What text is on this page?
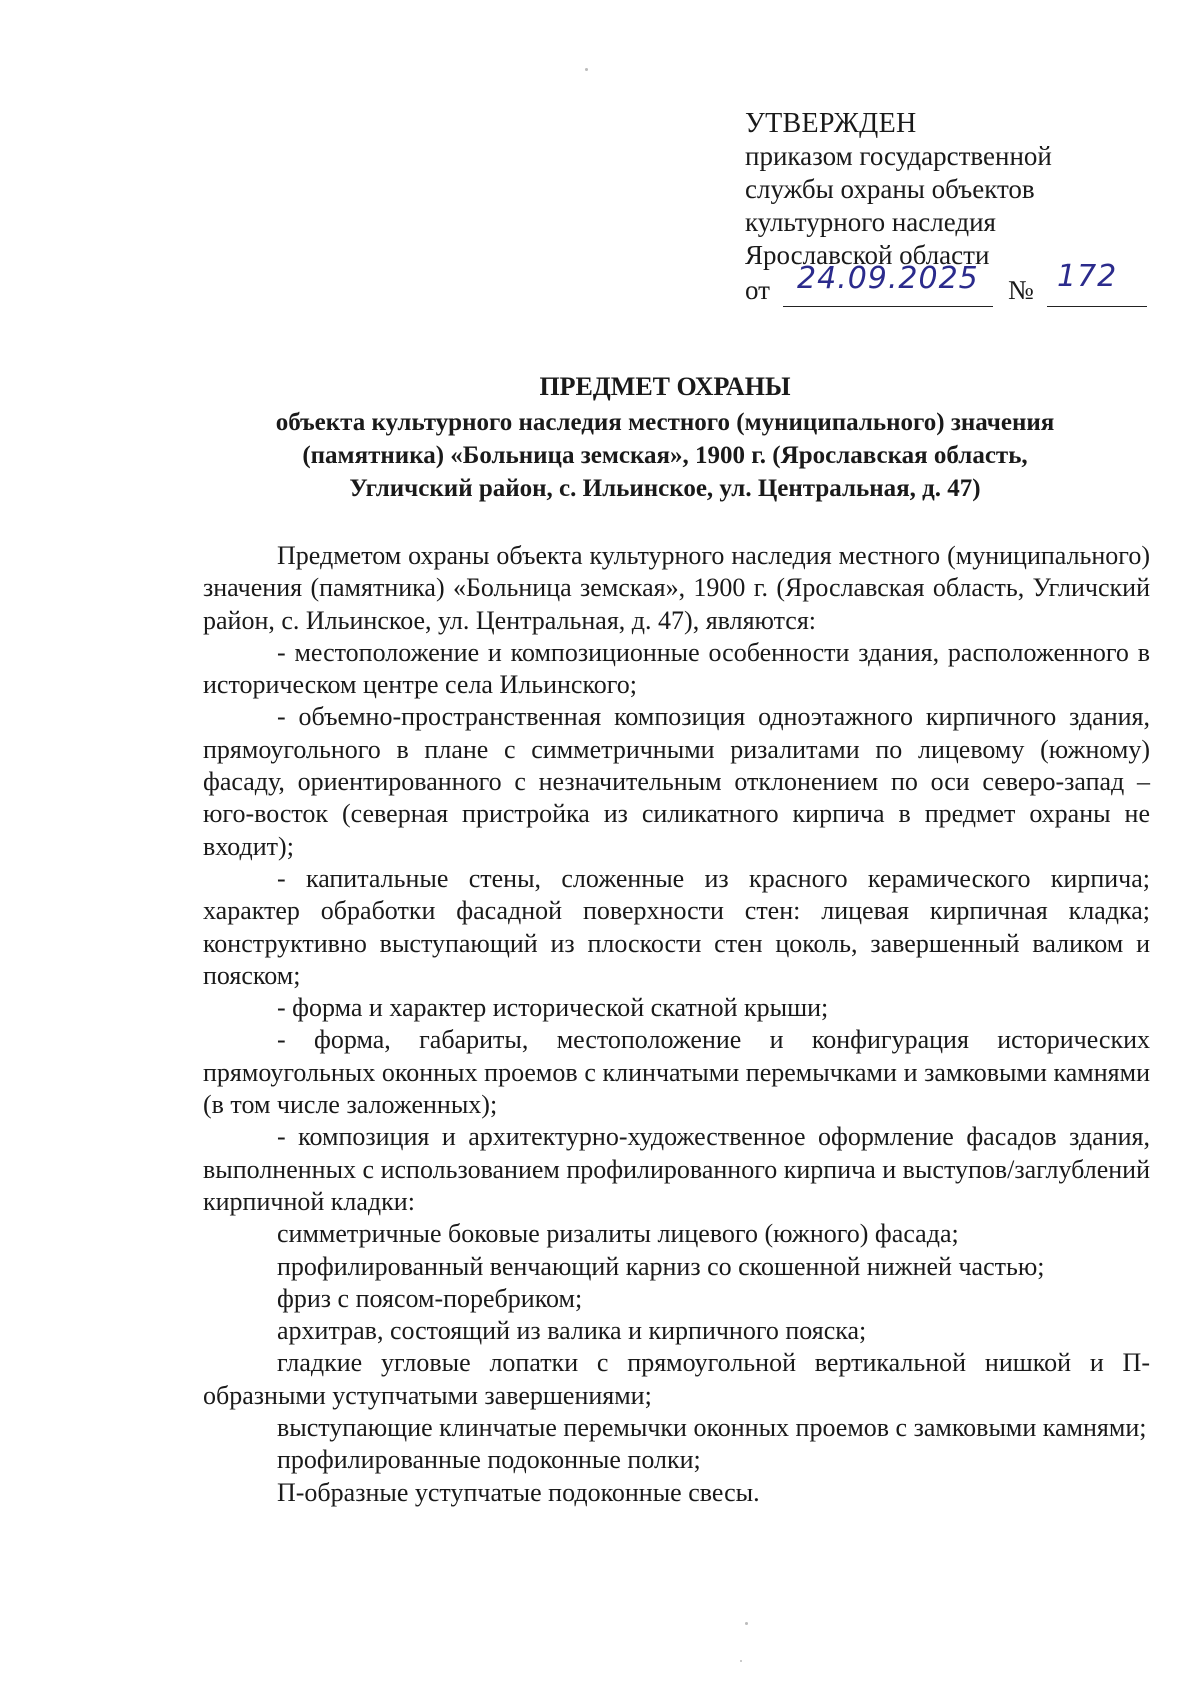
УТВЕРЖДЕН
приказом государственной
службы охраны объектов
культурного наследия
Ярославской области
от 24.09.2025 № 172
ПРЕДМЕТ ОХРАНЫ
объекта культурного наследия местного (муниципального) значения
(памятника) «Больница земская», 1900 г. (Ярославская область,
Угличский район, с. Ильинское, ул. Центральная, д. 47)

Предметом охраны объекта культурного наследия местного (муниципального) значения (памятника) «Больница земская», 1900 г. (Ярославская область, Угличский район, с. Ильинское, ул. Центральная, д. 47), являются:

- местоположение и композиционные особенности здания, расположенного в историческом центре села Ильинского;

- объемно-пространственная композиция одноэтажного кирпичного здания, прямоугольного в плане с симметричными ризалитами по лицевому (южному) фасаду, ориентированного с незначительным отклонением по оси северо-запад – юго-восток (северная пристройка из силикатного кирпича в предмет охраны не входит);

- капитальные стены, сложенные из красного керамического кирпича; характер обработки фасадной поверхности стен: лицевая кирпичная кладка; конструктивно выступающий из плоскости стен цоколь, завершенный валиком и пояском;

- форма и характер исторической скатной крыши;

- форма, габариты, местоположение и конфигурация исторических прямоугольных оконных проемов с клинчатыми перемычками и замковыми камнями (в том числе заложенных);

- композиция и архитектурно-художественное оформление фасадов здания, выполненных с использованием профилированного кирпича и выступов/заглублений кирпичной кладки:

симметричные боковые ризалиты лицевого (южного) фасада;

профилированный венчающий карниз со скошенной нижней частью;

фриз с поясом-поребриком;

архитрав, состоящий из валика и кирпичного пояска;

гладкие угловые лопатки с прямоугольной вертикальной нишкой и П-образными уступчатыми завершениями;

выступающие клинчатые перемычки оконных проемов с замковыми камнями;

профилированные подоконные полки;

П-образные уступчатые подоконные свесы.
